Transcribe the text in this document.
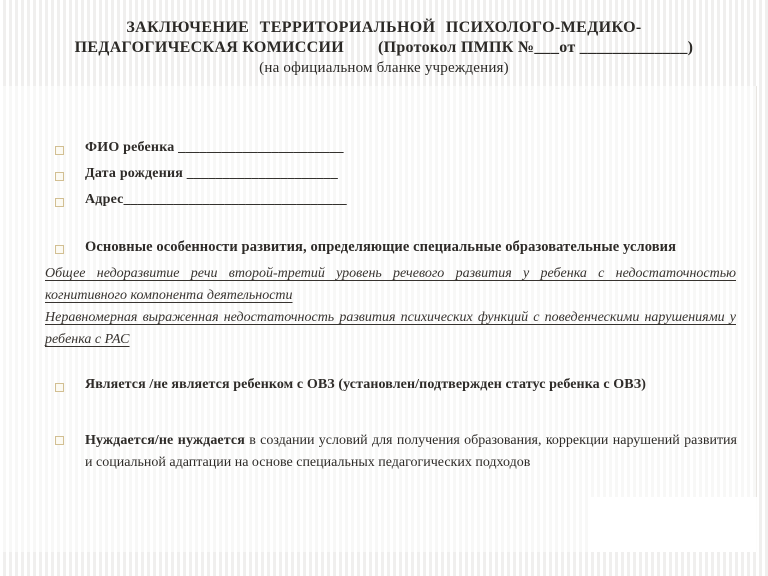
ЗАКЛЮЧЕНИЕ ТЕРРИТОРИАЛЬНОЙ ПСИХОЛОГО-МЕДИКО-
ПЕДАГОГИЧЕСКАЯ КОМИССИИ (Протокол ПМПК №___от _____________)
(на официальном бланке учреждения)
ФИО ребенка _______________________
Дата рождения _____________________
Адрес_______________________________
Основные особенности развития, определяющие специальные образовательные условия
Общее недоразвитие речи второй-третий уровень речевого развития у ребенка с недостаточностью когнитивного компонента деятельности
Неравномерная выраженная недостаточность развития психических функций с поведенческими нарушениями у ребенка с РАС
Является /не является ребенком с ОВЗ (установлен/подтвержден статус ребенка с ОВЗ)
Нуждается/не нуждается в создании условий для получения образования, коррекции нарушений развития и социальной адаптации на основе специальных педагогических подходов
